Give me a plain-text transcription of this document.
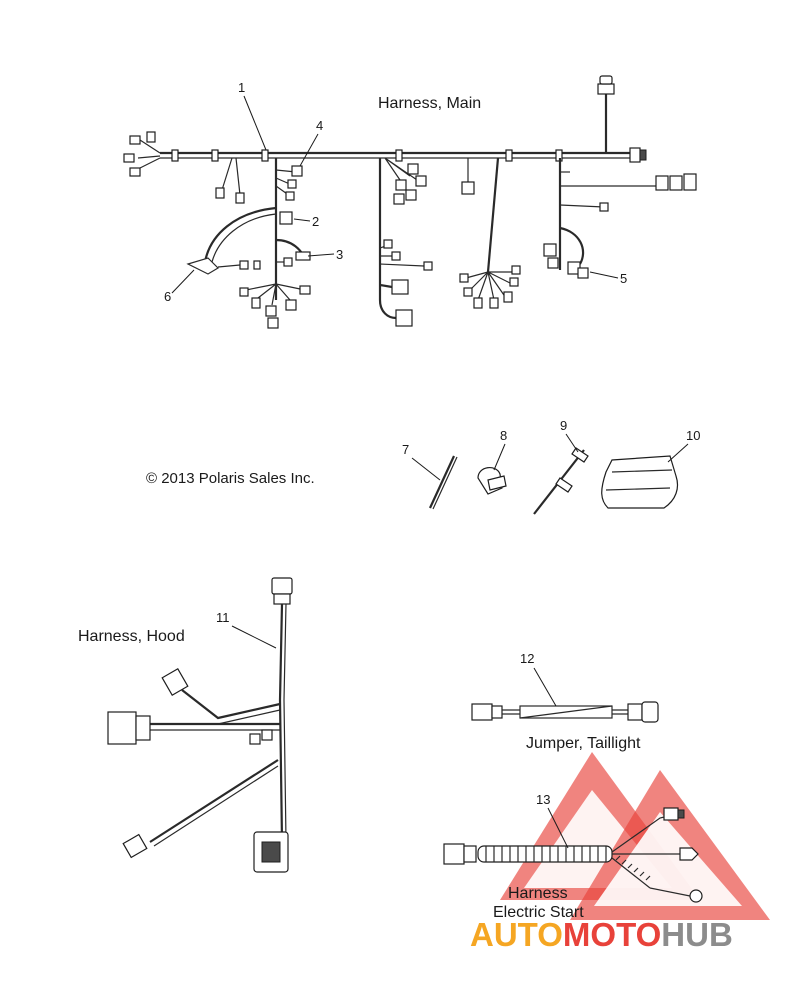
1
2
3
4
5
6
Harness, Main
© 2013 Polaris Sales Inc.
7
8
9
10
11
Harness, Hood
12
Jumper, Taillight
13
Harness
Electric Start
AUTOMOTOHUB
